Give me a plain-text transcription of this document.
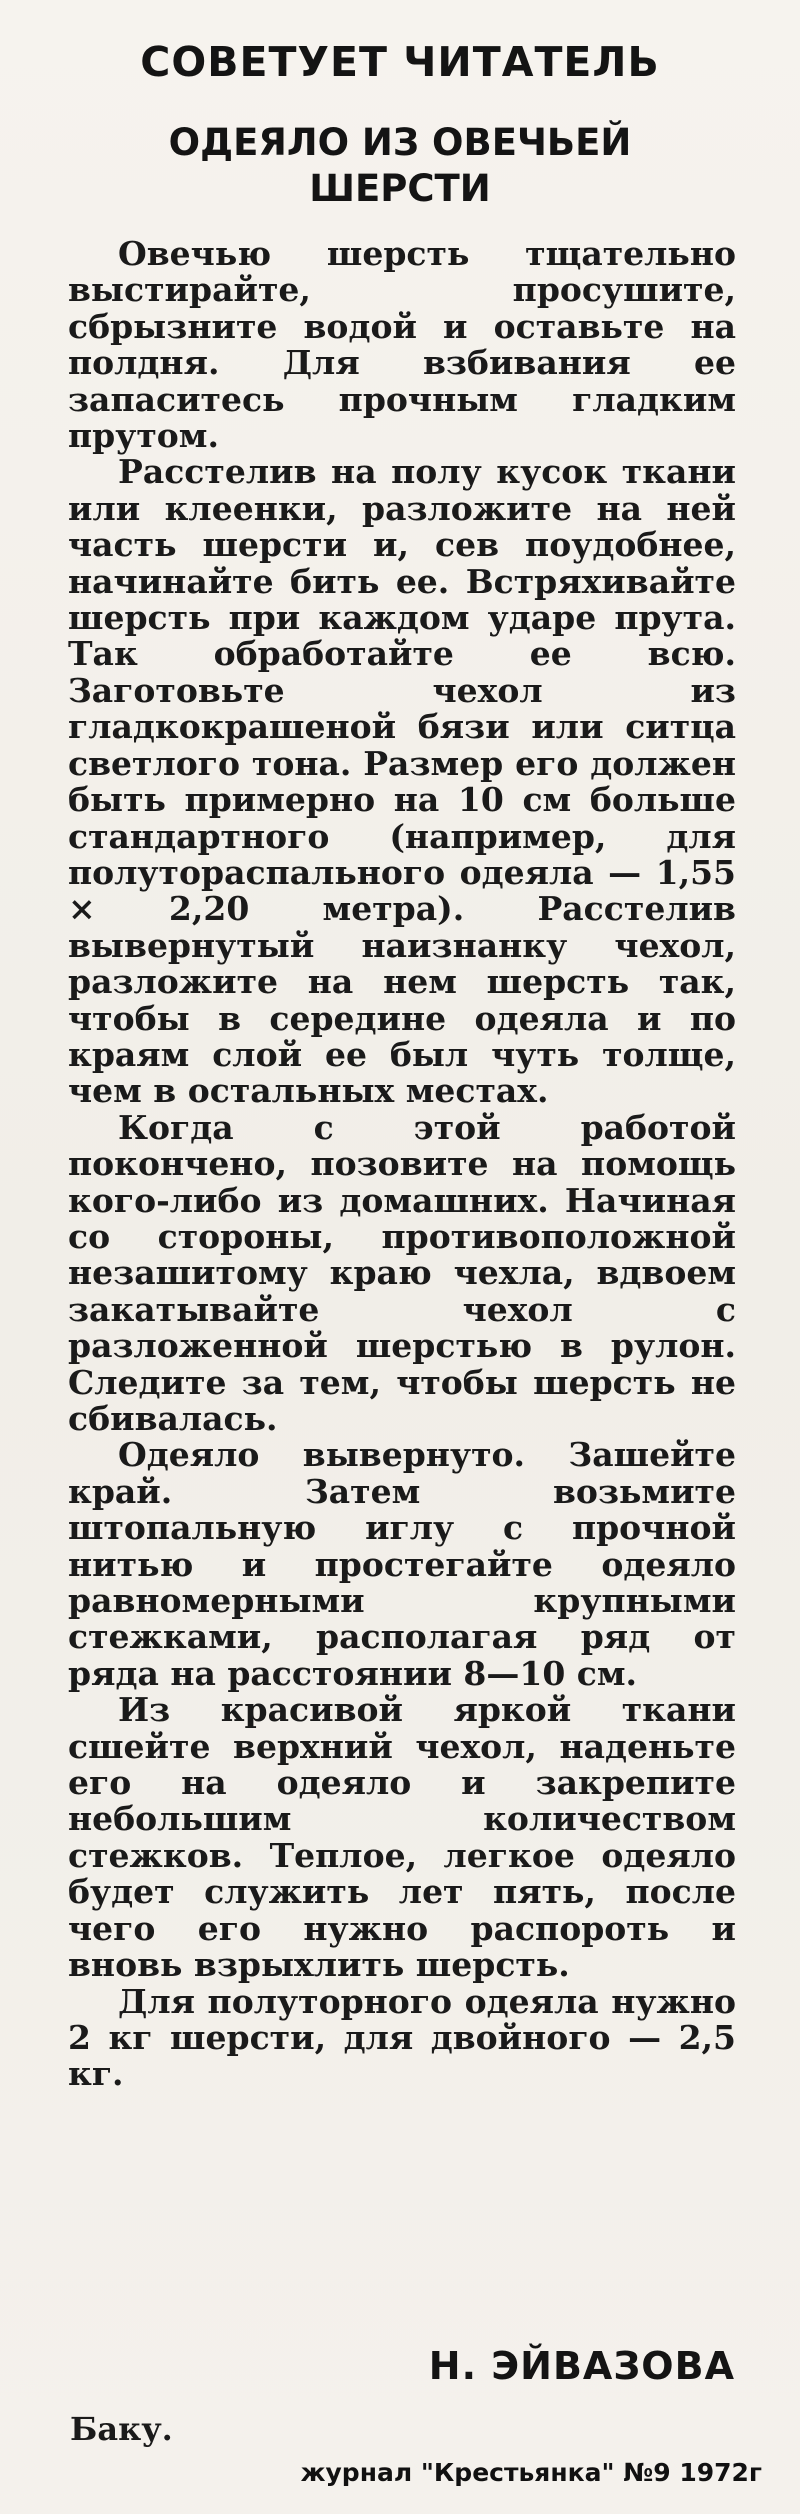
СОВЕТУЕТ ЧИТАТЕЛЬ
ОДЕЯЛО ИЗ ОВЕЧЬЕЙ
ШЕРСТИ

Овечью шерсть тщательно выстирайте, просушите, сбрызните водой и оставьте на полдня. Для взбивания ее запаситесь прочным гладким прутом.

Расстелив на полу кусок ткани или клеенки, разложите на ней часть шерсти и, сев поудобнее, начинайте бить ее. Встряхивайте шерсть при каждом ударе прута. Так обработайте ее всю. Заготовьте чехол из гладкокрашеной бязи или ситца светлого тона. Размер его должен быть примерно на 10 см больше стандартного (например, для полутораспального одеяла — 1,55 × 2,20 метра). Расстелив вывернутый наизнанку чехол, разложите на нем шерсть так, чтобы в середине одеяла и по краям слой ее был чуть толще, чем в остальных местах.

Когда с этой работой покончено, позовите на помощь кого-либо из домашних. Начиная со стороны, противоположной незашитому краю чехла, вдвоем закатывайте чехол с разложенной шерстью в рулон. Следите за тем, чтобы шерсть не сбивалась.

Одеяло вывернуто. Зашейте край. Затем возьмите штопальную иглу с прочной нитью и простегайте одеяло равномерными крупными стежками, располагая ряд от ряда на расстоянии 8—10 см.

Из красивой яркой ткани сшейте верхний чехол, наденьте его на одеяло и закрепите небольшим количеством стежков. Теплое, легкое одеяло будет служить лет пять, после чего его нужно распороть и вновь взрыхлить шерсть.

Для полуторного одеяла нужно 2 кг шерсти, для двойного — 2,5 кг.

Н. ЭЙВАЗОВА
Баку.
журнал "Крестьянка" №9 1972г
